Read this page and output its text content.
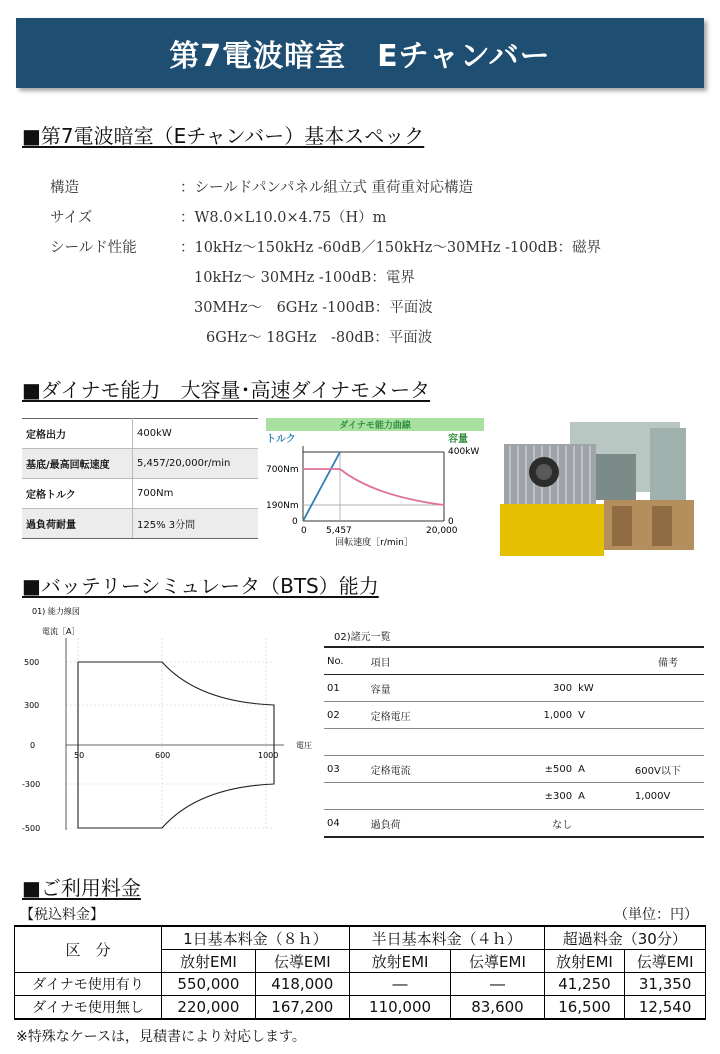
第7電波暗室　Eチャンバー
■第7電波暗室（Eチャンバー）基本スペック
構造	：シールドパンパネル組立式 重荷重対応構造
サイズ	：W8.0×L10.0×4.75（H）m
シールド性能	：10kHz～150kHz -60dB／150kHz～30MHz -100dB：磁界
10kHz～ 30MHz -100dB：電界
30MHz～　6GHz -100dB：平面波
6GHz～ 18GHz　-80dB：平面波
■ダイナモ能力　大容量･高速ダイナモメータ
定格出力	400kW
基底/最高回転速度	5,457/20,000r/min
定格トルク	700Nm
過負荷耐量	125% 3分間
ダイナモ能力曲線
トルク	容量
400kW
700Nm
190Nm
0	0
0 5,457	20,000
回転速度［r/min］
■バッテリーシミュレータ（BTS）能力
01) 能力線図
電流［A］
電圧
500
300
0
-300
-500
50	600	1000
02)諸元一覧
No.	項目			備考
01	容量	300	kW	
02	定格電圧	1,000	V	

03	定格電流	±500	A	600V以下
		±300	A	1,000V
04	過負荷	なし		
■ご利用料金
【税込料金】	（単位：円）
区　分	1日基本料金（８ｈ）		半日基本料金（４ｈ）		超過料金（30分）	
	放射EMI	伝導EMI	放射EMI	伝導EMI	放射EMI	伝導EMI
ダイナモ使用有り	550,000	418,000	―	―	41,250	31,350
ダイナモ使用無し	220,000	167,200	110,000	83,600	16,500	12,540
※特殊なケースは，見積書により対応します。
